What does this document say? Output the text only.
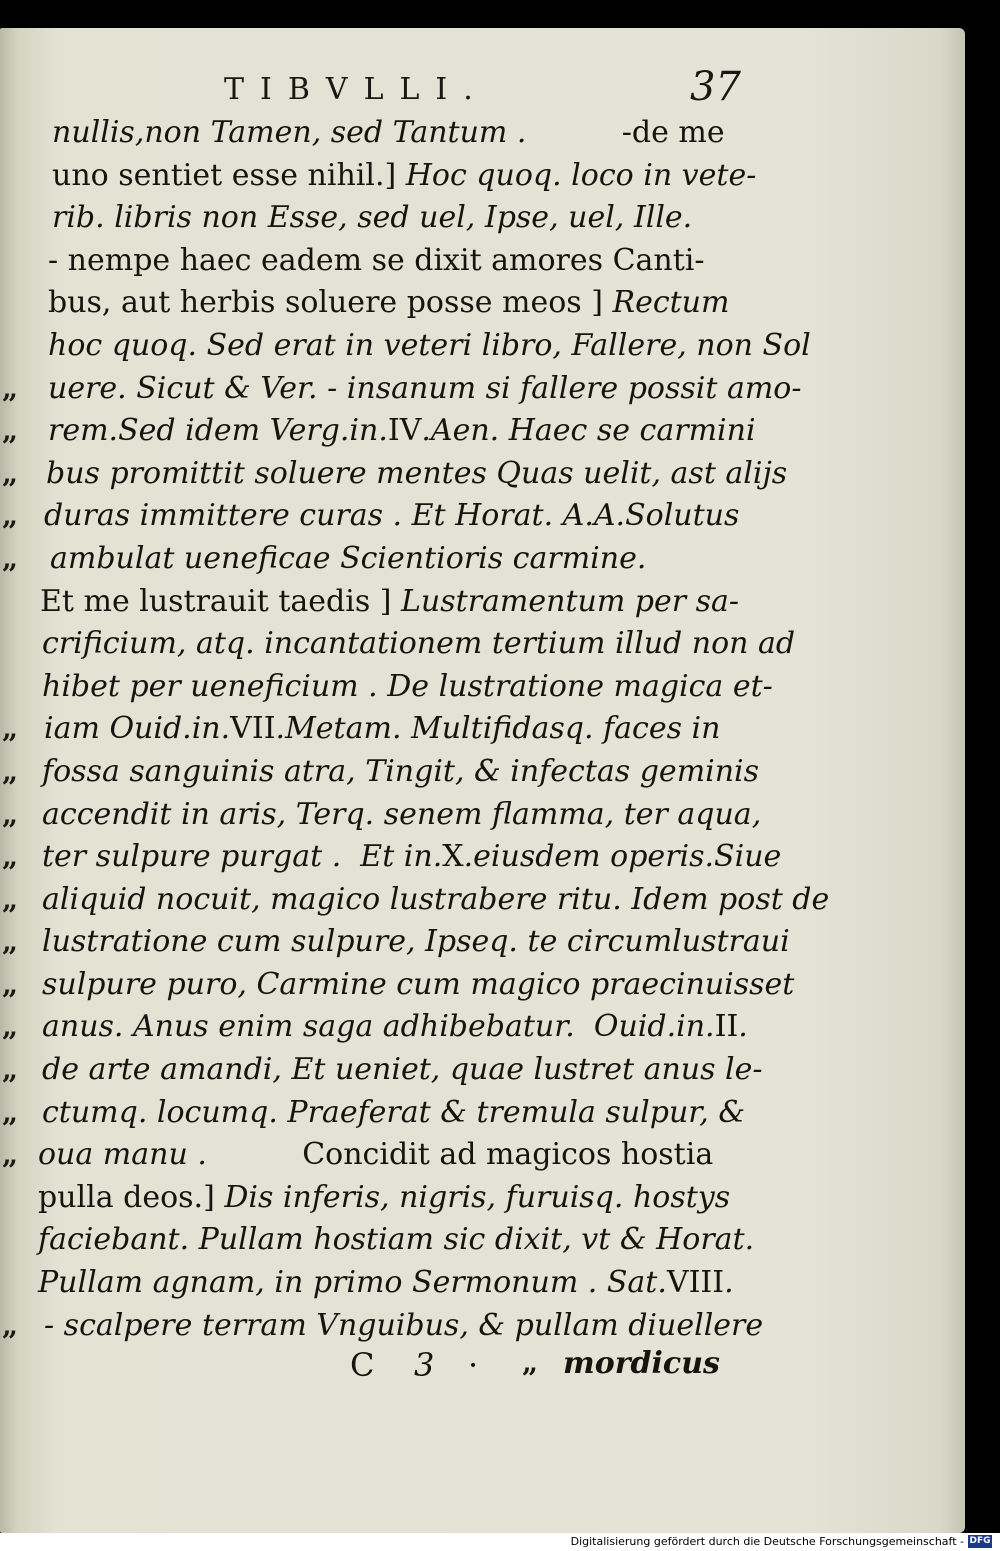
TIBVLLI.	37
nullis,non Tamen, sed Tantum .          -de me
uno sentiet esse nihil.] Hoc quoq. loco in vete-
rib. libris non Esse, sed uel, Ipse, uel, Ille.
- nempe haec eadem se dixit amores Canti-
bus, aut herbis soluere posse meos ] Rectum
hoc quoq. Sed erat in veteri libro, Fallere, non Sol
„ uere. Sicut & Ver. - insanum si fallere possit amo-
„ rem.Sed idem Verg.in.IV.Aen. Haec se carmini
„ bus promittit soluere mentes Quas uelit, ast alijs
„ duras immittere curas . Et Horat. A.A.Solutus
„	ambulat ueneficae Scientioris carmine.
Et me lustrauit taedis ] Lustramentum per sa-
crificium, atq. incantationem tertium illud non ad
hibet per ueneficium . De lustratione magica et-
„ iam Ouid.in.VII.Metam. Multifidasq. faces in
„ fossa sanguinis atra, Tingit, & infectas geminis
„ accendit in aris, Terq. senem flamma, ter aqua,
„ ter sulpure purgat .  Et in.X.eiusdem operis.Siue
„ aliquid nocuit, magico lustrabere ritu. Idem post de
„ lustratione cum sulpure, Ipseq. te circumlustraui
„ sulpure puro, Carmine cum magico praecinuisset
„ anus. Anus enim saga adhibebatur.  Ouid.in.II.
„ de arte amandi, Et ueniet, quae lustret anus le-
„ ctumq. locumq. Praeferat & tremula sulpur, &
„ oua manu .          Concidit ad magicos hostia
pulla deos.] Dis inferis, nigris, furuisq. hostys
faciebant. Pullam hostiam sic dixit, vt & Horat.
Pullam agnam, in primo Sermonum . Sat.VIII.
„ - scalpere terram Vnguibus, & pullam diuellere
C 3 · „ mordicus
Digitalisierung gefördert durch die Deutsche Forschungsgemeinschaft - DFG
